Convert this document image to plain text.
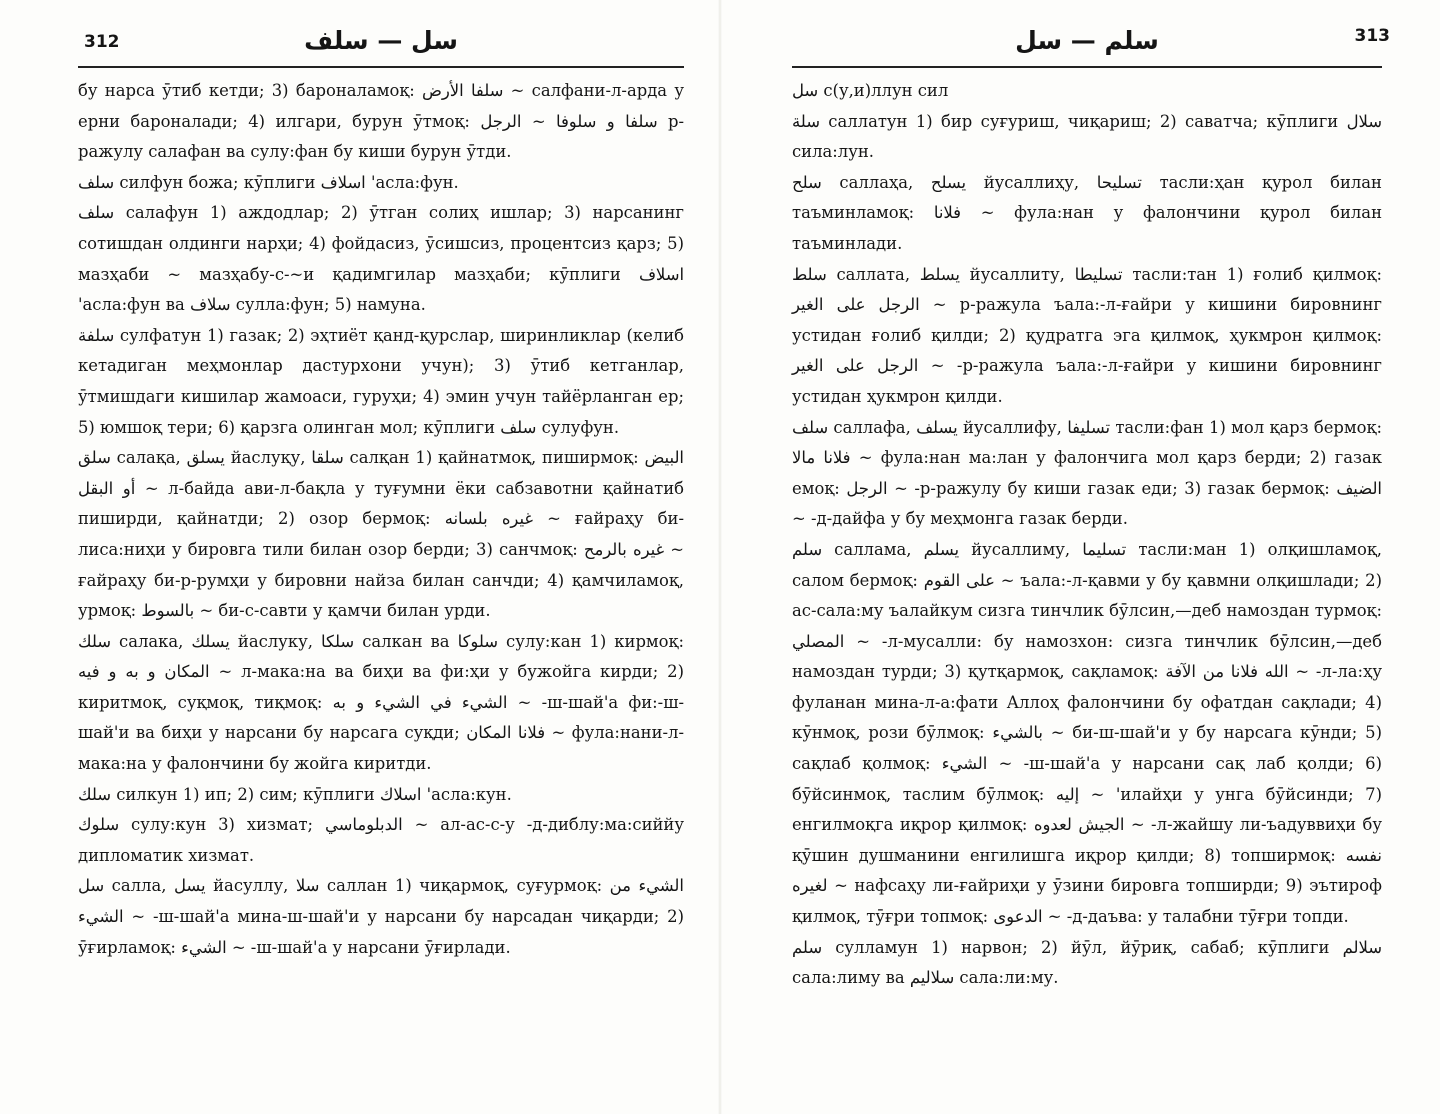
312	سل — سلف

бу нарса ӯтиб кетди; 3) бароналамоқ: سلفا الأرض ~ салфани-л-арда у ерни бароналади; 4) илгари, бурун ӯтмоқ: سلفا و سلوفا ~ الرجل р-ражулу салафан ва сулу:фан бу киши бурун ӯтди.

سلف силфун божа; кӯплиги اسلاف 'асла:фун.

سلف салафун 1) аждодлар; 2) ӯтган солиҳ ишлар; 3) нарсанинг сотишдан олдинги нарҳи; 4) фойдасиз, ӯсишсиз, процентсиз қарз; 5) мазҳаби ~ мазҳабу-с-~и қадимгилар мазҳаби; кӯплиги اسلاف 'асла:фун ва سلاف сулла:фун; 5) намуна.

سلفة сулфатун 1) газак; 2) эҳтиёт қанд-қурслар, ширинликлар (келиб кетадиган меҳмонлар дастурхони учун); 3) ӯтиб кетганлар, ӯтмишдаги кишилар жамоаси, гуруҳи; 4) эмин учун тайёрланган ер; 5) юмшоқ тери; 6) қарзга олинган мол; кӯплиги سلف сулуфун.

سلق салақа, يسلق йаслуқу, سلقا салқан 1) қайнатмоқ, пиширмоқ: البيض أو البقل ~ л-байда ави-л-бақла у туғумни ёки сабзавотни қайнатиб пиширди, қайнатди; 2) озор бермоқ: غيره بلسانه ~ ғайраҳу би-лиса:ниҳи у бировга тили билан озор берди; 3) санчмоқ: غيره بالرمح ~ ғайраҳу би-р-румҳи у бировни найза билан санчди; 4) қамчиламоқ, урмоқ: بالسوط ~ би-с-савти у қамчи билан урди.

سلك салака, يسلك йаслуку, سلكا салкан ва سلوكا сулу:кан 1) кирмоқ: المكان و به و فيه ~ л-мака:на ва биҳи ва фи:ҳи у бужойга кирди; 2) киритмоқ, суқмоқ, тиқмоқ: الشيء في الشيء و به ~ -ш-шай'а фи:-ш-шай'и ва биҳи у нарсани бу нарсага суқди; فلانا المكان ~ фула:нани-л-мака:на у фалончини бу жойга киритди.

سلك силкун 1) ип; 2) сим; кӯплиги اسلاك 'асла:кун.

سلوك сулу:кун 3) хизмат; الدبلوماسي ~ ал-ас-с-у -д-диблу:ма:сиййу дипломатик хизмат.

سل салла, يسل йасуллу, سلا саллан 1) чиқармоқ, суғурмоқ: الشيء من الشيء ~ -ш-шай'а мина-ш-шай'и у нарсани бу нарсадан чиқарди; 2) ӯғирламоқ: الشيء ~ -ш-шай'а у нарсани ӯғирлади.

سلم — سل	313

سل с(у,и)ллун сил

سلة саллатун 1) бир суғуриш, чиқариш; 2) саватча; кӯплиги سلال сила:лун.

سلح саллаҳа, يسلح йусаллиҳу, تسليحا тасли:ҳан қурол билан таъминламоқ: فلانا ~ фула:нан у фалончини қурол билан таъминлади.

سلط саллата, يسلط йусаллиту, تسليطا тасли:тан 1) ғолиб қилмоқ: الرجل على الغير ~ р-ражула ъала:-л-ғайри у кишини бировнинг устидан ғолиб қилди; 2) қудратга эга қилмоқ, ҳукмрон қилмоқ: الرجل على الغير ~ -р-ражула ъала:-л-ғайри у кишини бировнинг устидан ҳукмрон қилди.

سلف саллафа, يسلف йусаллифу, تسليفا тасли:фан 1) мол қарз бермоқ: فلانا مالا ~ фула:нан ма:лан у фалончига мол қарз берди; 2) газак емоқ: الرجل ~ -р-ражулу бу киши газак еди; 3) газак бермоқ: الضيف ~ -д-дайфа у бу меҳмонга газак берди.

سلم саллама, يسلم йусаллиму, تسليما тасли:ман 1) олқишламоқ, салом бермоқ: على القوم ~ ъала:-л-қавми у бу қавмни олқишлади; 2) ас-сала:му ъалайкум сизга тинчлик бӯлсин,—деб намоздан турмоқ: المصلي ~ -л-мусалли: бу намозхон: сизга тинчлик бӯлсин,—деб намоздан турди; 3) қутқармоқ, сақламоқ: الله فلانا من الآفة ~ -л-ла:ҳу фуланан мина-л-а:фати Аллоҳ фалончини бу офатдан сақлади; 4) кӯнмоқ, рози бӯлмоқ: بالشيء ~ би-ш-шай'и у бу нарсага кӯнди; 5) сақлаб қолмоқ: الشيء ~ -ш-шай'а у нарсани сақ лаб қолди; 6) бӯйсинмоқ, таслим бӯлмоқ: إليه ~ 'илайҳи у унга бӯйсинди; 7) енгилмоқга иқрор қилмоқ: الجيش لعدوه ~ -л-жайшу ли-ъадуввиҳи бу қӯшин душманини енгилишга иқрор қилди; 8) топширмоқ: نفسه لغيره ~ нафсаҳу ли-ғайриҳи у ӯзини бировга топширди; 9) эътироф қилмоқ, тӯғри топмоқ: الدعوى ~ -д-даъва: у талабни тӯғри топди.

سلم сулламун 1) нарвон; 2) йӯл, йӯриқ, сабаб; кӯплиги سلالم сала:лиму ва سلاليم сала:ли:му.
